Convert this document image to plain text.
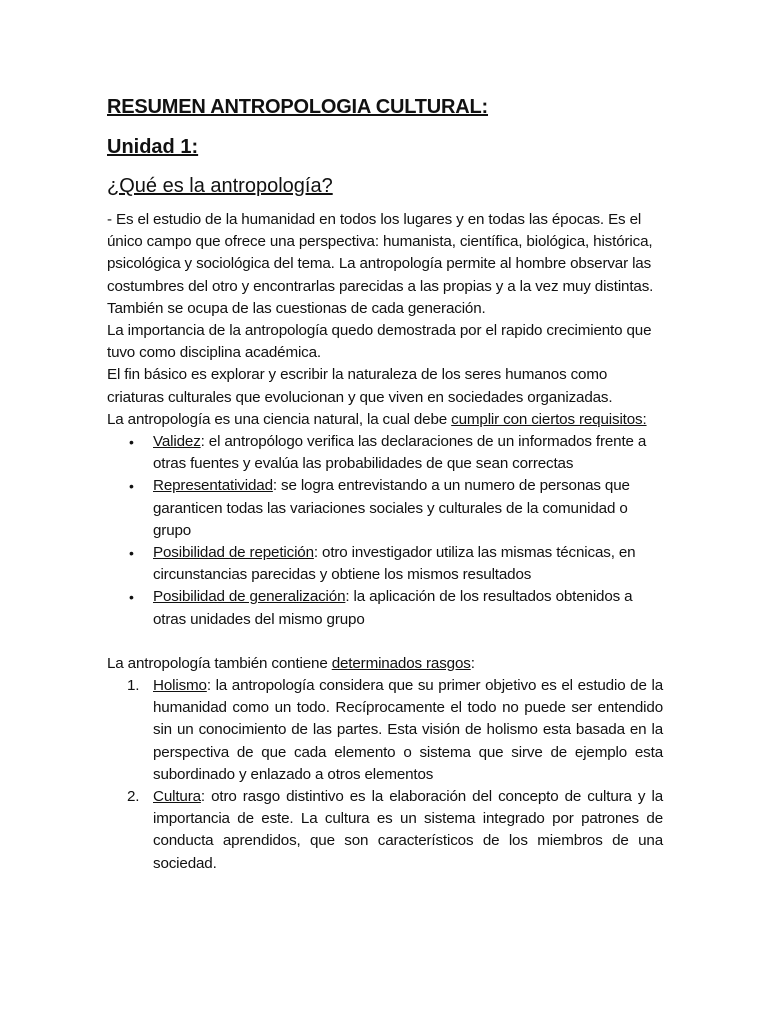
RESUMEN ANTROPOLOGIA CULTURAL:
Unidad 1:
¿Qué es la antropología?

- Es el estudio de la humanidad en todos los lugares y en todas las épocas. Es el único campo que ofrece una perspectiva: humanista, científica, biológica, histórica, psicológica y sociológica del tema. La antropología permite al hombre observar las costumbres del otro y encontrarlas parecidas a las propias y a la vez muy distintas. También se ocupa de las cuestionas de cada generación.

La importancia de la antropología quedo demostrada por el rapido crecimiento que tuvo como disciplina académica.

El fin básico es explorar y escribir la naturaleza de los seres humanos como criaturas culturales que evolucionan y que viven en sociedades organizadas.

La antropología es una ciencia natural, la cual debe cumplir con ciertos requisitos:

• Validez: el antropólogo verifica las declaraciones de un informados frente a otras fuentes y evalúa las probabilidades de que sean correctas
• Representatividad: se logra entrevistando a un numero de personas que garanticen todas las variaciones sociales y culturales de la comunidad o grupo
• Posibilidad de repetición: otro investigador utiliza las mismas técnicas, en circunstancias parecidas y obtiene los mismos resultados
• Posibilidad de generalización: la aplicación de los resultados obtenidos a otras unidades del mismo grupo

La antropología también contiene determinados rasgos:

1. Holismo: la antropología considera que su primer objetivo es el estudio de la humanidad como un todo. Recíprocamente el todo no puede ser entendido sin un conocimiento de las partes. Esta visión de holismo esta basada en la perspectiva de que cada elemento o sistema que sirve de ejemplo esta subordinado y enlazado a otros elementos
2. Cultura: otro rasgo distintivo es la elaboración del concepto de cultura y la importancia de este. La cultura es un sistema integrado por patrones de conducta aprendidos, que son característicos de los miembros de una sociedad.
